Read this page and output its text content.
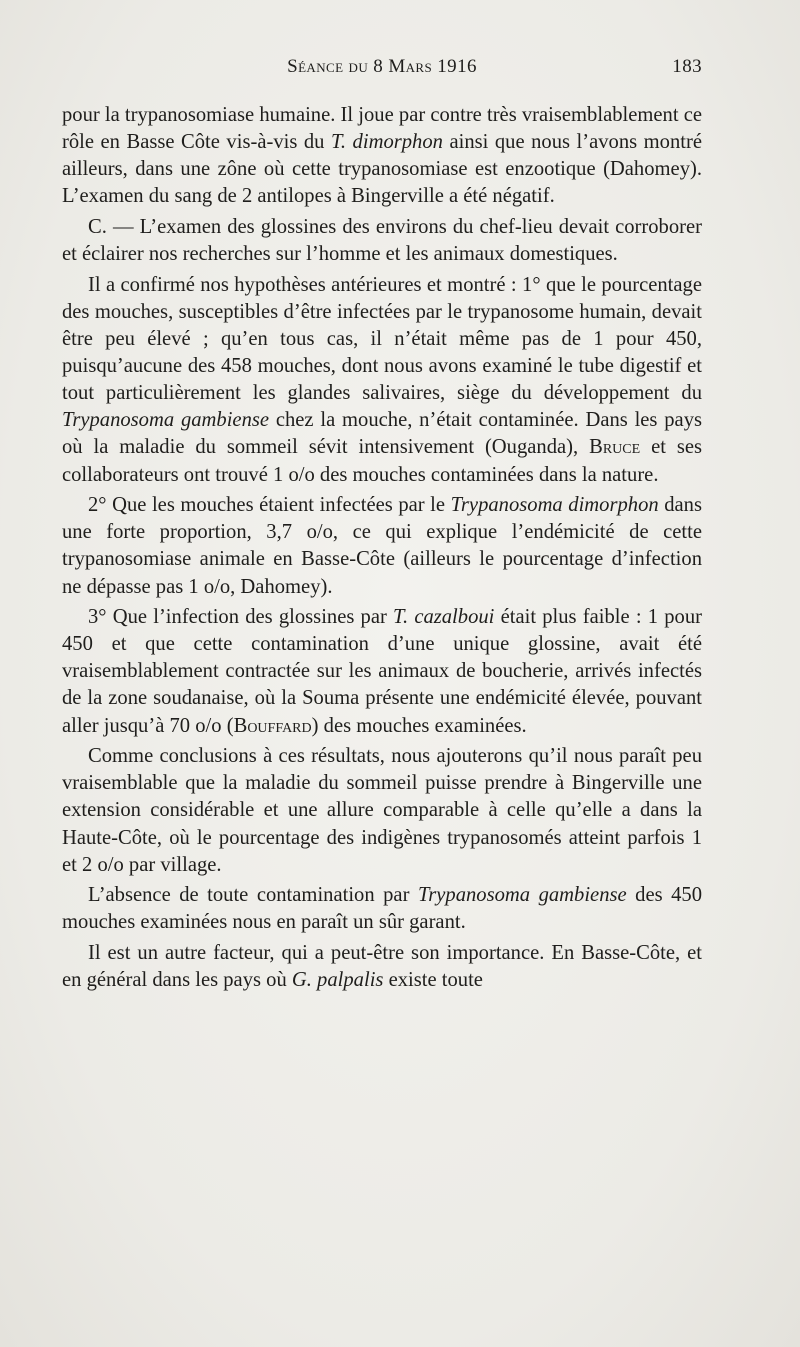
Séance du 8 Mars 1916	183

pour la trypanosomiase humaine. Il joue par contre très vraisemblablement ce rôle en Basse Côte vis-à-vis du T. dimorphon ainsi que nous l’avons montré ailleurs, dans une zône où cette trypanosomiase est enzootique (Dahomey). L’examen du sang de 2 antilopes à Bingerville a été négatif.

C. — L’examen des glossines des environs du chef-lieu devait corroborer et éclairer nos recherches sur l’homme et les animaux domestiques.

Il a confirmé nos hypothèses antérieures et montré : 1° que le pourcentage des mouches, susceptibles d’être infectées par le trypanosome humain, devait être peu élevé ; qu’en tous cas, il n’était même pas de 1 pour 450, puisqu’aucune des 458 mouches, dont nous avons examiné le tube digestif et tout particulièrement les glandes salivaires, siège du développement du Trypanosoma gambiense chez la mouche, n’était contaminée. Dans les pays où la maladie du sommeil sévit intensivement (Ouganda), Bruce et ses collaborateurs ont trouvé 1 o/o des mouches contaminées dans la nature.

2° Que les mouches étaient infectées par le Trypanosoma dimorphon dans une forte proportion, 3,7 o/o, ce qui explique l’endémicité de cette trypanosomiase animale en Basse-Côte (ailleurs le pourcentage d’infection ne dépasse pas 1 o/o, Dahomey).

3° Que l’infection des glossines par T. cazalboui était plus faible : 1 pour 450 et que cette contamination d’une unique glossine, avait été vraisemblablement contractée sur les animaux de boucherie, arrivés infectés de la zone soudanaise, où la Souma présente une endémicité élevée, pouvant aller jusqu’à 70 o/o (Bouffard) des mouches examinées.

Comme conclusions à ces résultats, nous ajouterons qu’il nous paraît peu vraisemblable que la maladie du sommeil puisse prendre à Bingerville une extension considérable et une allure comparable à celle qu’elle a dans la Haute-Côte, où le pourcentage des indigènes trypanosomés atteint parfois 1 et 2 o/o par village.

L’absence de toute contamination par Trypanosoma gambiense des 450 mouches examinées nous en paraît un sûr garant.

Il est un autre facteur, qui a peut-être son importance. En Basse-Côte, et en général dans les pays où G. palpalis existe toute
